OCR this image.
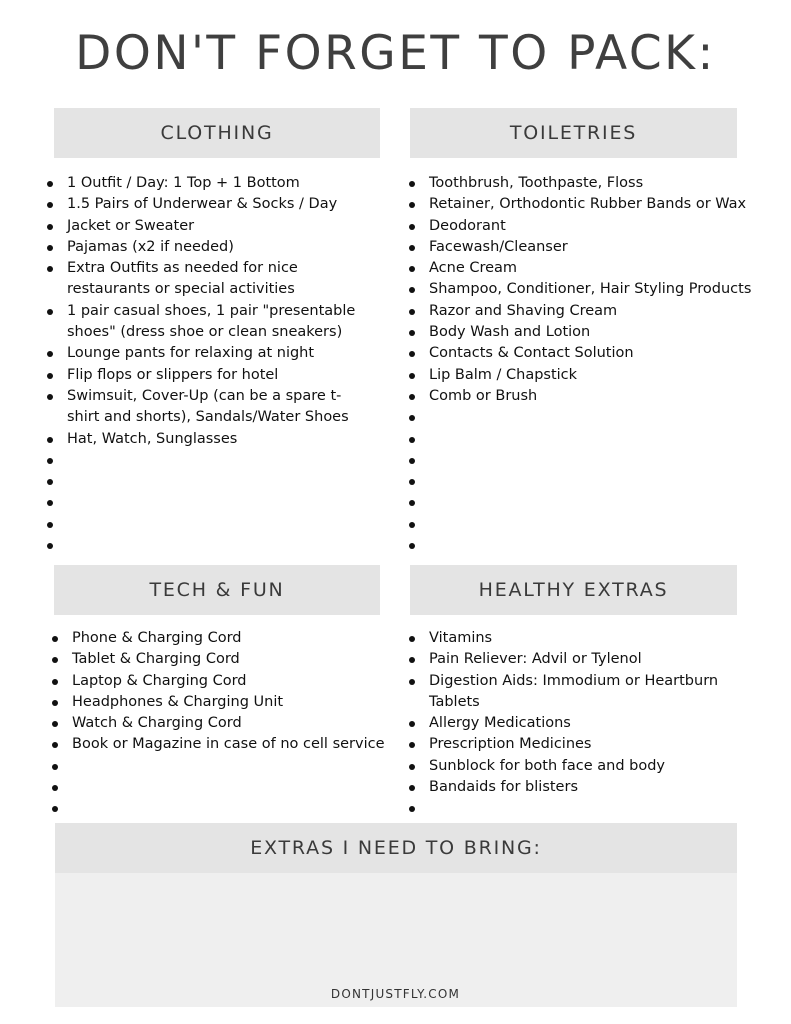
DON'T FORGET TO PACK:
CLOTHING
1 Outfit / Day: 1 Top + 1 Bottom
1.5 Pairs of Underwear & Socks / Day
Jacket or Sweater
Pajamas (x2 if needed)
Extra Outfits as needed for nice
restaurants or special activities
1 pair casual shoes, 1 pair "presentable
shoes" (dress shoe or clean sneakers)
Lounge pants for relaxing at night
Flip flops or slippers for hotel
Swimsuit, Cover-Up (can be a spare t-
shirt and shorts), Sandals/Water Shoes
Hat, Watch, Sunglasses
TOILETRIES
Toothbrush, Toothpaste, Floss
Retainer, Orthodontic Rubber Bands or Wax
Deodorant
Facewash/Cleanser
Acne Cream
Shampoo, Conditioner, Hair Styling Products
Razor and Shaving Cream
Body Wash and Lotion
Contacts & Contact Solution
Lip Balm / Chapstick
Comb or Brush
TECH & FUN
Phone & Charging Cord
Tablet & Charging Cord
Laptop & Charging Cord
Headphones & Charging Unit
Watch & Charging Cord
Book or Magazine in case of no cell service
HEALTHY EXTRAS
Vitamins
Pain Reliever: Advil or Tylenol
Digestion Aids: Immodium or Heartburn
Tablets
Allergy Medications
Prescription Medicines
Sunblock for both face and body
Bandaids for blisters
EXTRAS I NEED TO BRING:
DONTJUSTFLY.COM
